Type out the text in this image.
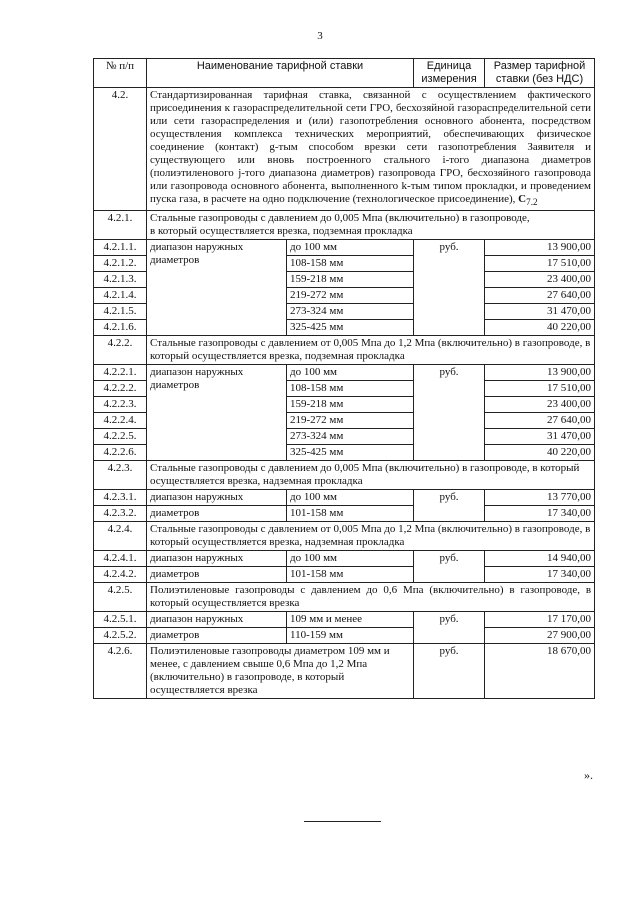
3
№ п/п	Наименование тарифной ставки		Единица измерения	Размер тарифной ставки (без НДС)
4.2.	Стандартизированная тарифная ставка, связанной с осуществлением фактического присоединения к газораспределительной сети ГРО, бесхозяйной газораспределительной сети или сети газораспределения и (или) газопотребления основного абонента, посредством осуществления комплекса технических мероприятий, обеспечивающих физическое соединение (контакт) g-тым способом врезки сети газопотребления Заявителя и существующего или вновь построенного стального i-того диапазона диаметров (полиэтиленового j-того диапазона диаметров) газопровода ГРО, бесхозяйного газопровода или газопровода основного абонента, выполненного k-тым типом прокладки, и проведением пуска газа, в расчете на одно подключение (технологическое присоединение), $C_{7.2}$
4.2.1.	Стальные газопроводы с давлением до 0,005 Мпа (включительно) в газопроводе,
в который осуществляется врезка, подземная прокладка			
4.2.1.1.	диапазон наружных диаметров	до 100 мм	руб.	13 900,00
4.2.1.2.		108-158 мм		17 510,00
4.2.1.3.		159-218 мм		23 400,00
4.2.1.4.		219-272 мм		27 640,00
4.2.1.5.		273-324 мм		31 470,00
4.2.1.6.		325-425 мм		40 220,00
4.2.2.	Стальные газопроводы с давлением от 0,005 Мпа до 1,2 Мпа (включительно) в газопроводе, в который осуществляется врезка, подземная прокладка			
4.2.2.1.	диапазон наружных диаметров	до 100 мм	руб.	13 900,00
4.2.2.2.		108-158 мм		17 510,00
4.2.2.3.		159-218 мм		23 400,00
4.2.2.4.		219-272 мм		27 640,00
4.2.2.5.		273-324 мм		31 470,00
4.2.2.6.		325-425 мм		40 220,00
4.2.3.	Стальные газопроводы с давлением до 0,005 Мпа (включительно) в газопроводе, в который осуществляется врезка, надземная прокладка			
4.2.3.1.	диапазон наружных	до 100 мм	руб.	13 770,00
4.2.3.2.	диаметров	101-158 мм		17 340,00
4.2.4.	Стальные газопроводы с давлением от 0,005 Мпа до 1,2 Мпа (включительно) в газопроводе, в который осуществляется врезка, надземная прокладка			
4.2.4.1.	диапазон наружных	до 100 мм	руб.	14 940,00
4.2.4.2.	диаметров	101-158 мм		17 340,00
4.2.5.	Полиэтиленовые газопроводы с давлением до 0,6 Мпа (включительно) в газопроводе, в который осуществляется врезка			
4.2.5.1.	диапазон наружных	109 мм и менее	руб.	17 170,00
4.2.5.2.	диаметров	110-159 мм		27 900,00
4.2.6.	Полиэтиленовые газопроводы диаметром 109 мм и менее, с давлением свыше 0,6 Мпа до 1,2 Мпа (включительно) в газопроводе, в который осуществляется врезка		руб.	18 670,00
».
